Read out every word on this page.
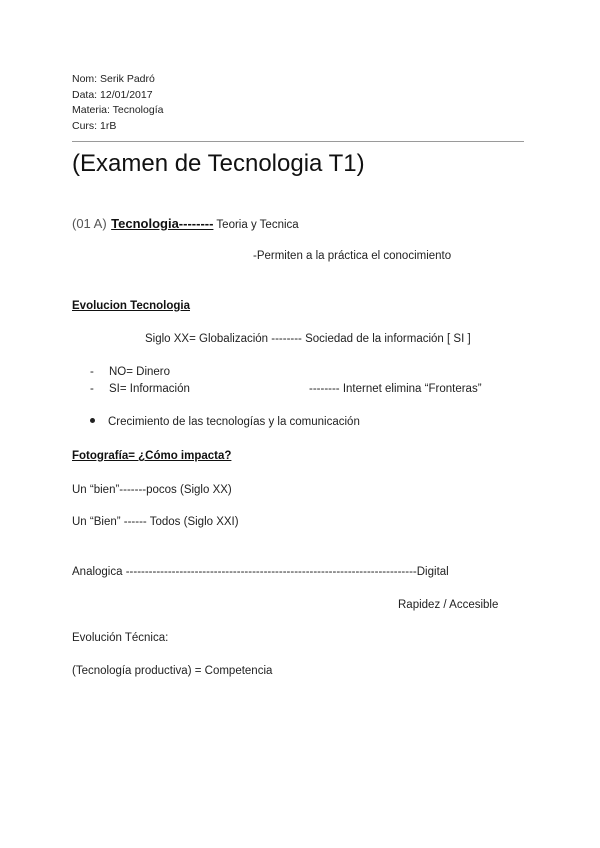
Nom: Serik Padró
Data: 12/01/2017
Materia: Tecnología
Curs: 1rB
(Examen de Tecnologia T1)
(01 A) Tecnologia-------- Teoria y Tecnica
-Permiten a la práctica el conocimiento
Evolucion Tecnologia
Siglo XX= Globalización -------- Sociedad de la información [ SI ]
- NO= Dinero
- SI= Información	-------- Internet elimina “Fronteras”
Crecimiento de las tecnologías y la comunicación
Fotografía= ¿Cómo impacta?
Un “bien”-------pocos (Siglo XX)
Un “Bien” ------ Todos (Siglo XXI)
Analogica ----------------------------------------------------------------------------Digital
Rapidez / Accesible
Evolución Técnica:
(Tecnología productiva) = Competencia
